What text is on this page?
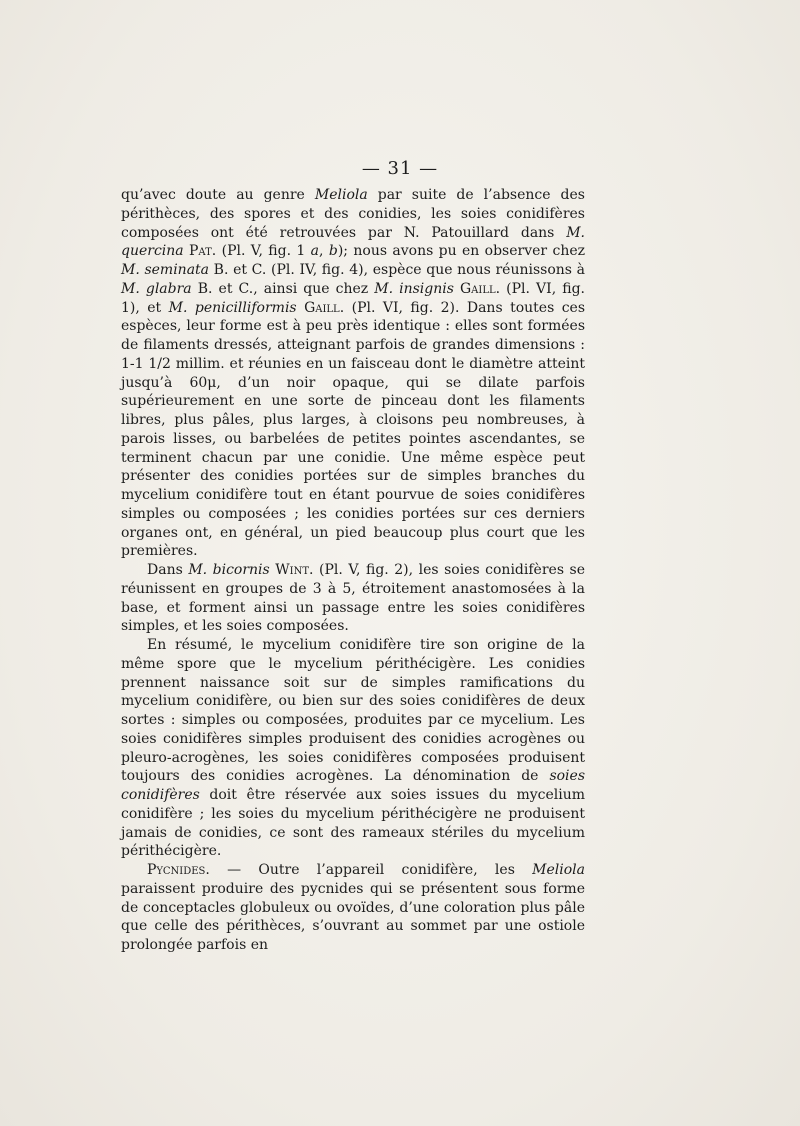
— 31 —

qu’avec doute au genre Meliola par suite de l’absence des périthèces, des spores et des conidies, les soies conidifères composées ont été retrouvées par N. Patouillard dans M. quercina Pat. (Pl. V, fig. 1 a, b); nous avons pu en observer chez M. seminata B. et C. (Pl. IV, fig. 4), espèce que nous réunissons à M. glabra B. et C., ainsi que chez M. insignis Gaill. (Pl. VI, fig. 1), et M. penicilliformis Gaill. (Pl. VI, fig. 2). Dans toutes ces espèces, leur forme est à peu près identique : elles sont formées de filaments dressés, atteignant parfois de grandes dimensions : 1-1 1/2 millim. et réunies en un faisceau dont le diamètre atteint jusqu’à 60μ, d’un noir opaque, qui se dilate parfois supérieurement en une sorte de pinceau dont les filaments libres, plus pâles, plus larges, à cloisons peu nombreuses, à parois lisses, ou barbelées de petites pointes ascendantes, se terminent chacun par une conidie. Une même espèce peut présenter des conidies portées sur de simples branches du mycelium conidifère tout en étant pourvue de soies conidifères simples ou composées ; les conidies portées sur ces derniers organes ont, en général, un pied beaucoup plus court que les premières.

Dans M. bicornis Wint. (Pl. V, fig. 2), les soies conidifères se réunissent en groupes de 3 à 5, étroitement anastomosées à la base, et forment ainsi un passage entre les soies conidifères simples, et les soies composées.

En résumé, le mycelium conidifère tire son origine de la même spore que le mycelium périthécigère. Les conidies prennent naissance soit sur de simples ramifications du mycelium conidifère, ou bien sur des soies conidifères de deux sortes : simples ou composées, produites par ce mycelium. Les soies conidifères simples produisent des conidies acrogènes ou pleuro-acrogènes, les soies conidifères composées produisent toujours des conidies acrogènes. La dénomination de soies conidifères doit être réservée aux soies issues du mycelium conidifère ; les soies du mycelium périthécigère ne produisent jamais de conidies, ce sont des rameaux stériles du mycelium périthécigère.

Pycnides. — Outre l’appareil conidifère, les Meliola paraissent produire des pycnides qui se présentent sous forme de conceptacles globuleux ou ovoïdes, d’une coloration plus pâle que celle des périthèces, s’ouvrant au sommet par une ostiole prolongée parfois en
